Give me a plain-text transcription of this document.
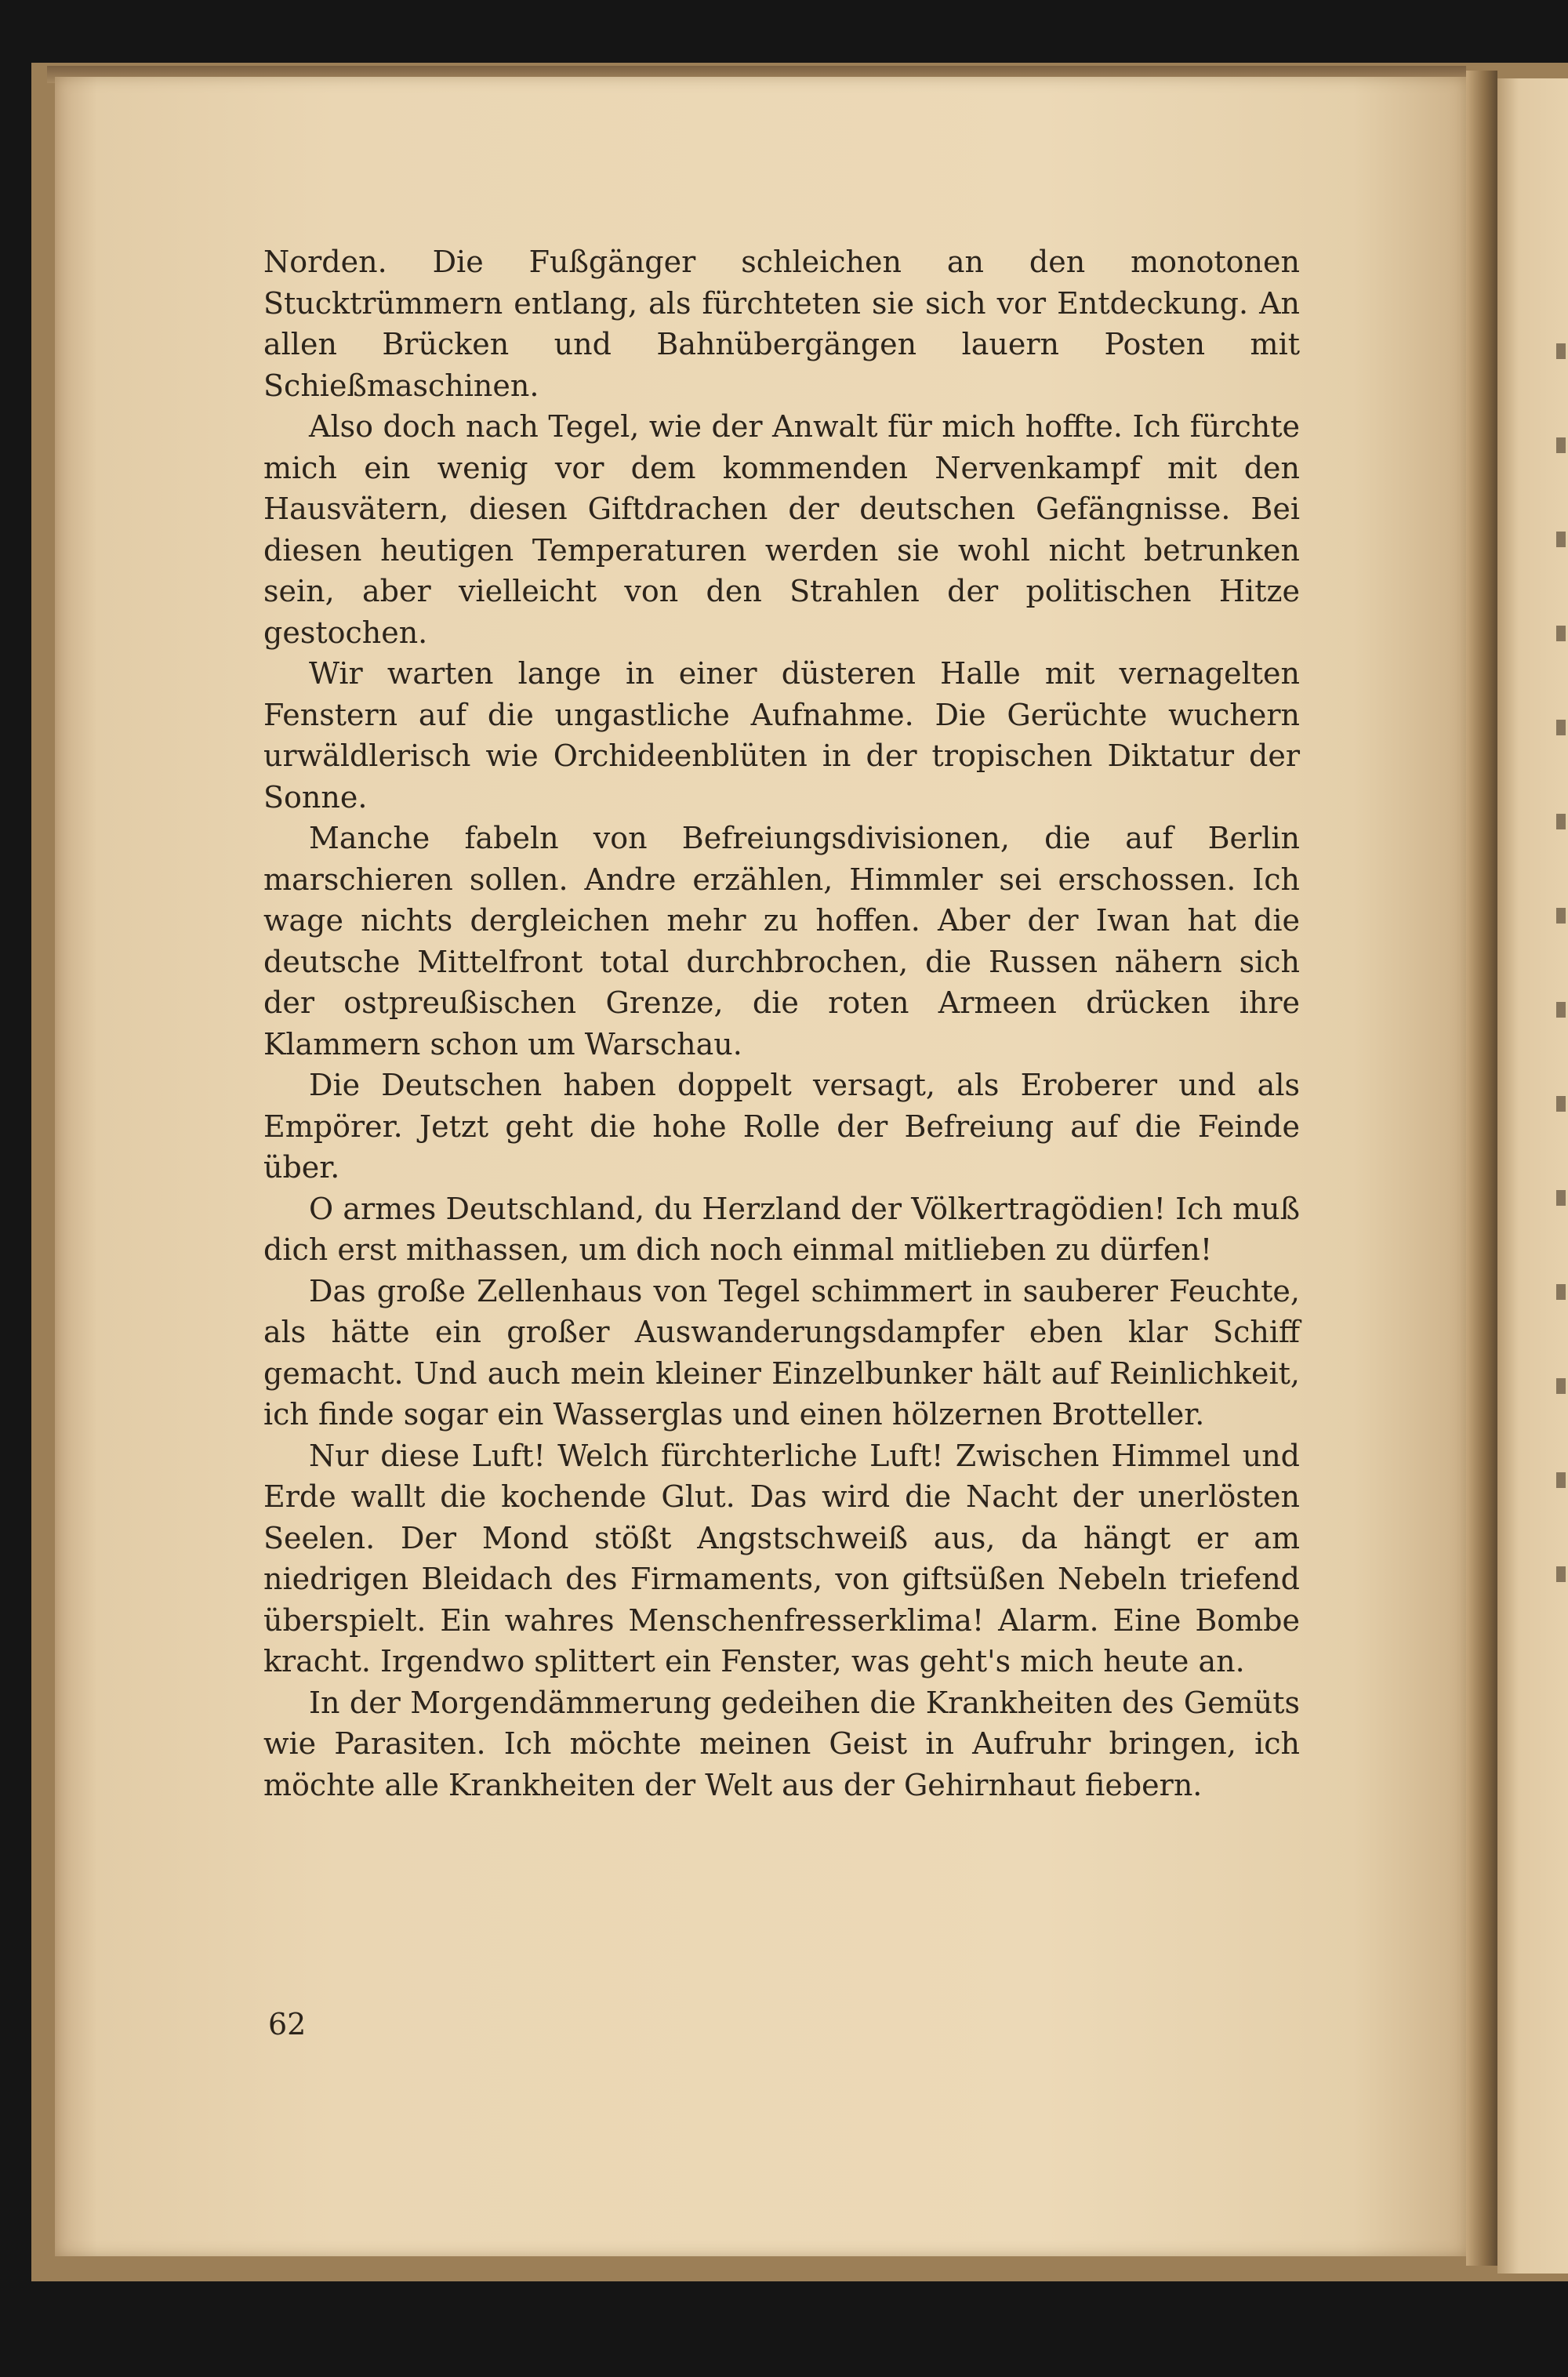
Norden. Die Fußgänger schleichen an den monotonen Stucktrümmern entlang, als fürchteten sie sich vor Entdeckung. An allen Brücken und Bahnübergängen lauern Posten mit Schießmaschinen.

Also doch nach Tegel, wie der Anwalt für mich hoffte. Ich fürchte mich ein wenig vor dem kommenden Nervenkampf mit den Hausvätern, diesen Giftdrachen der deutschen Gefängnisse. Bei diesen heutigen Temperaturen werden sie wohl nicht betrunken sein, aber vielleicht von den Strahlen der politischen Hitze gestochen.

Wir warten lange in einer düsteren Halle mit vernagelten Fenstern auf die ungastliche Aufnahme. Die Gerüchte wuchern urwäldlerisch wie Orchideenblüten in der tropischen Diktatur der Sonne.

Manche fabeln von Befreiungsdivisionen, die auf Berlin marschieren sollen. Andre erzählen, Himmler sei erschossen. Ich wage nichts dergleichen mehr zu hoffen. Aber der Iwan hat die deutsche Mittelfront total durchbrochen, die Russen nähern sich der ostpreußischen Grenze, die roten Armeen drücken ihre Klammern schon um Warschau.

Die Deutschen haben doppelt versagt, als Eroberer und als Empörer. Jetzt geht die hohe Rolle der Befreiung auf die Feinde über.

O armes Deutschland, du Herzland der Völkertragödien! Ich muß dich erst mithassen, um dich noch einmal mitlieben zu dürfen!

Das große Zellenhaus von Tegel schimmert in sauberer Feuchte, als hätte ein großer Auswanderungsdampfer eben klar Schiff gemacht. Und auch mein kleiner Einzelbunker hält auf Reinlichkeit, ich finde sogar ein Wasserglas und einen hölzernen Brotteller.

Nur diese Luft! Welch fürchterliche Luft! Zwischen Himmel und Erde wallt die kochende Glut. Das wird die Nacht der unerlösten Seelen. Der Mond stößt Angstschweiß aus, da hängt er am niedrigen Bleidach des Firmaments, von giftsüßen Nebeln triefend überspielt. Ein wahres Menschenfresserklima! Alarm. Eine Bombe kracht. Irgendwo splittert ein Fenster, was geht's mich heute an.

In der Morgendämmerung gedeihen die Krankheiten des Gemüts wie Parasiten. Ich möchte meinen Geist in Aufruhr bringen, ich möchte alle Krankheiten der Welt aus der Gehirnhaut fiebern.

62
